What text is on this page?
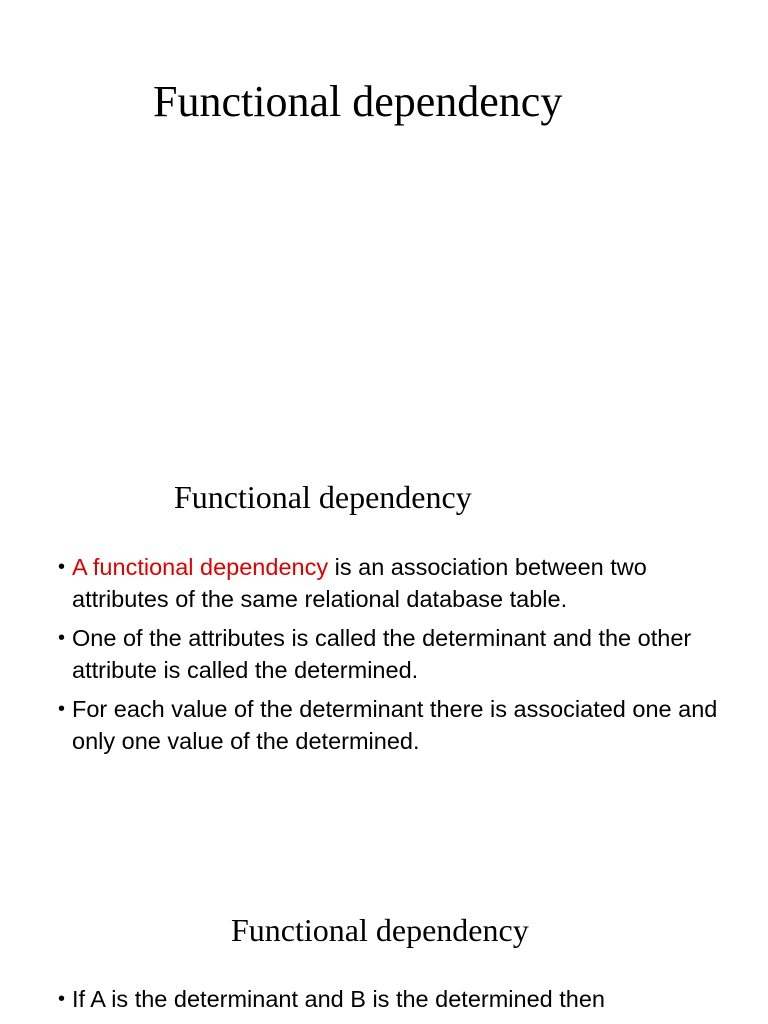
Functional dependency
Functional dependency
• A functional dependency is an association between two attributes of the same relational database table.
• One of the attributes is called the determinant and the other attribute is called the determined.
• For each value of the determinant there is associated one and only one value of the determined.
Functional dependency
• If A is the determinant and B is the determined then
